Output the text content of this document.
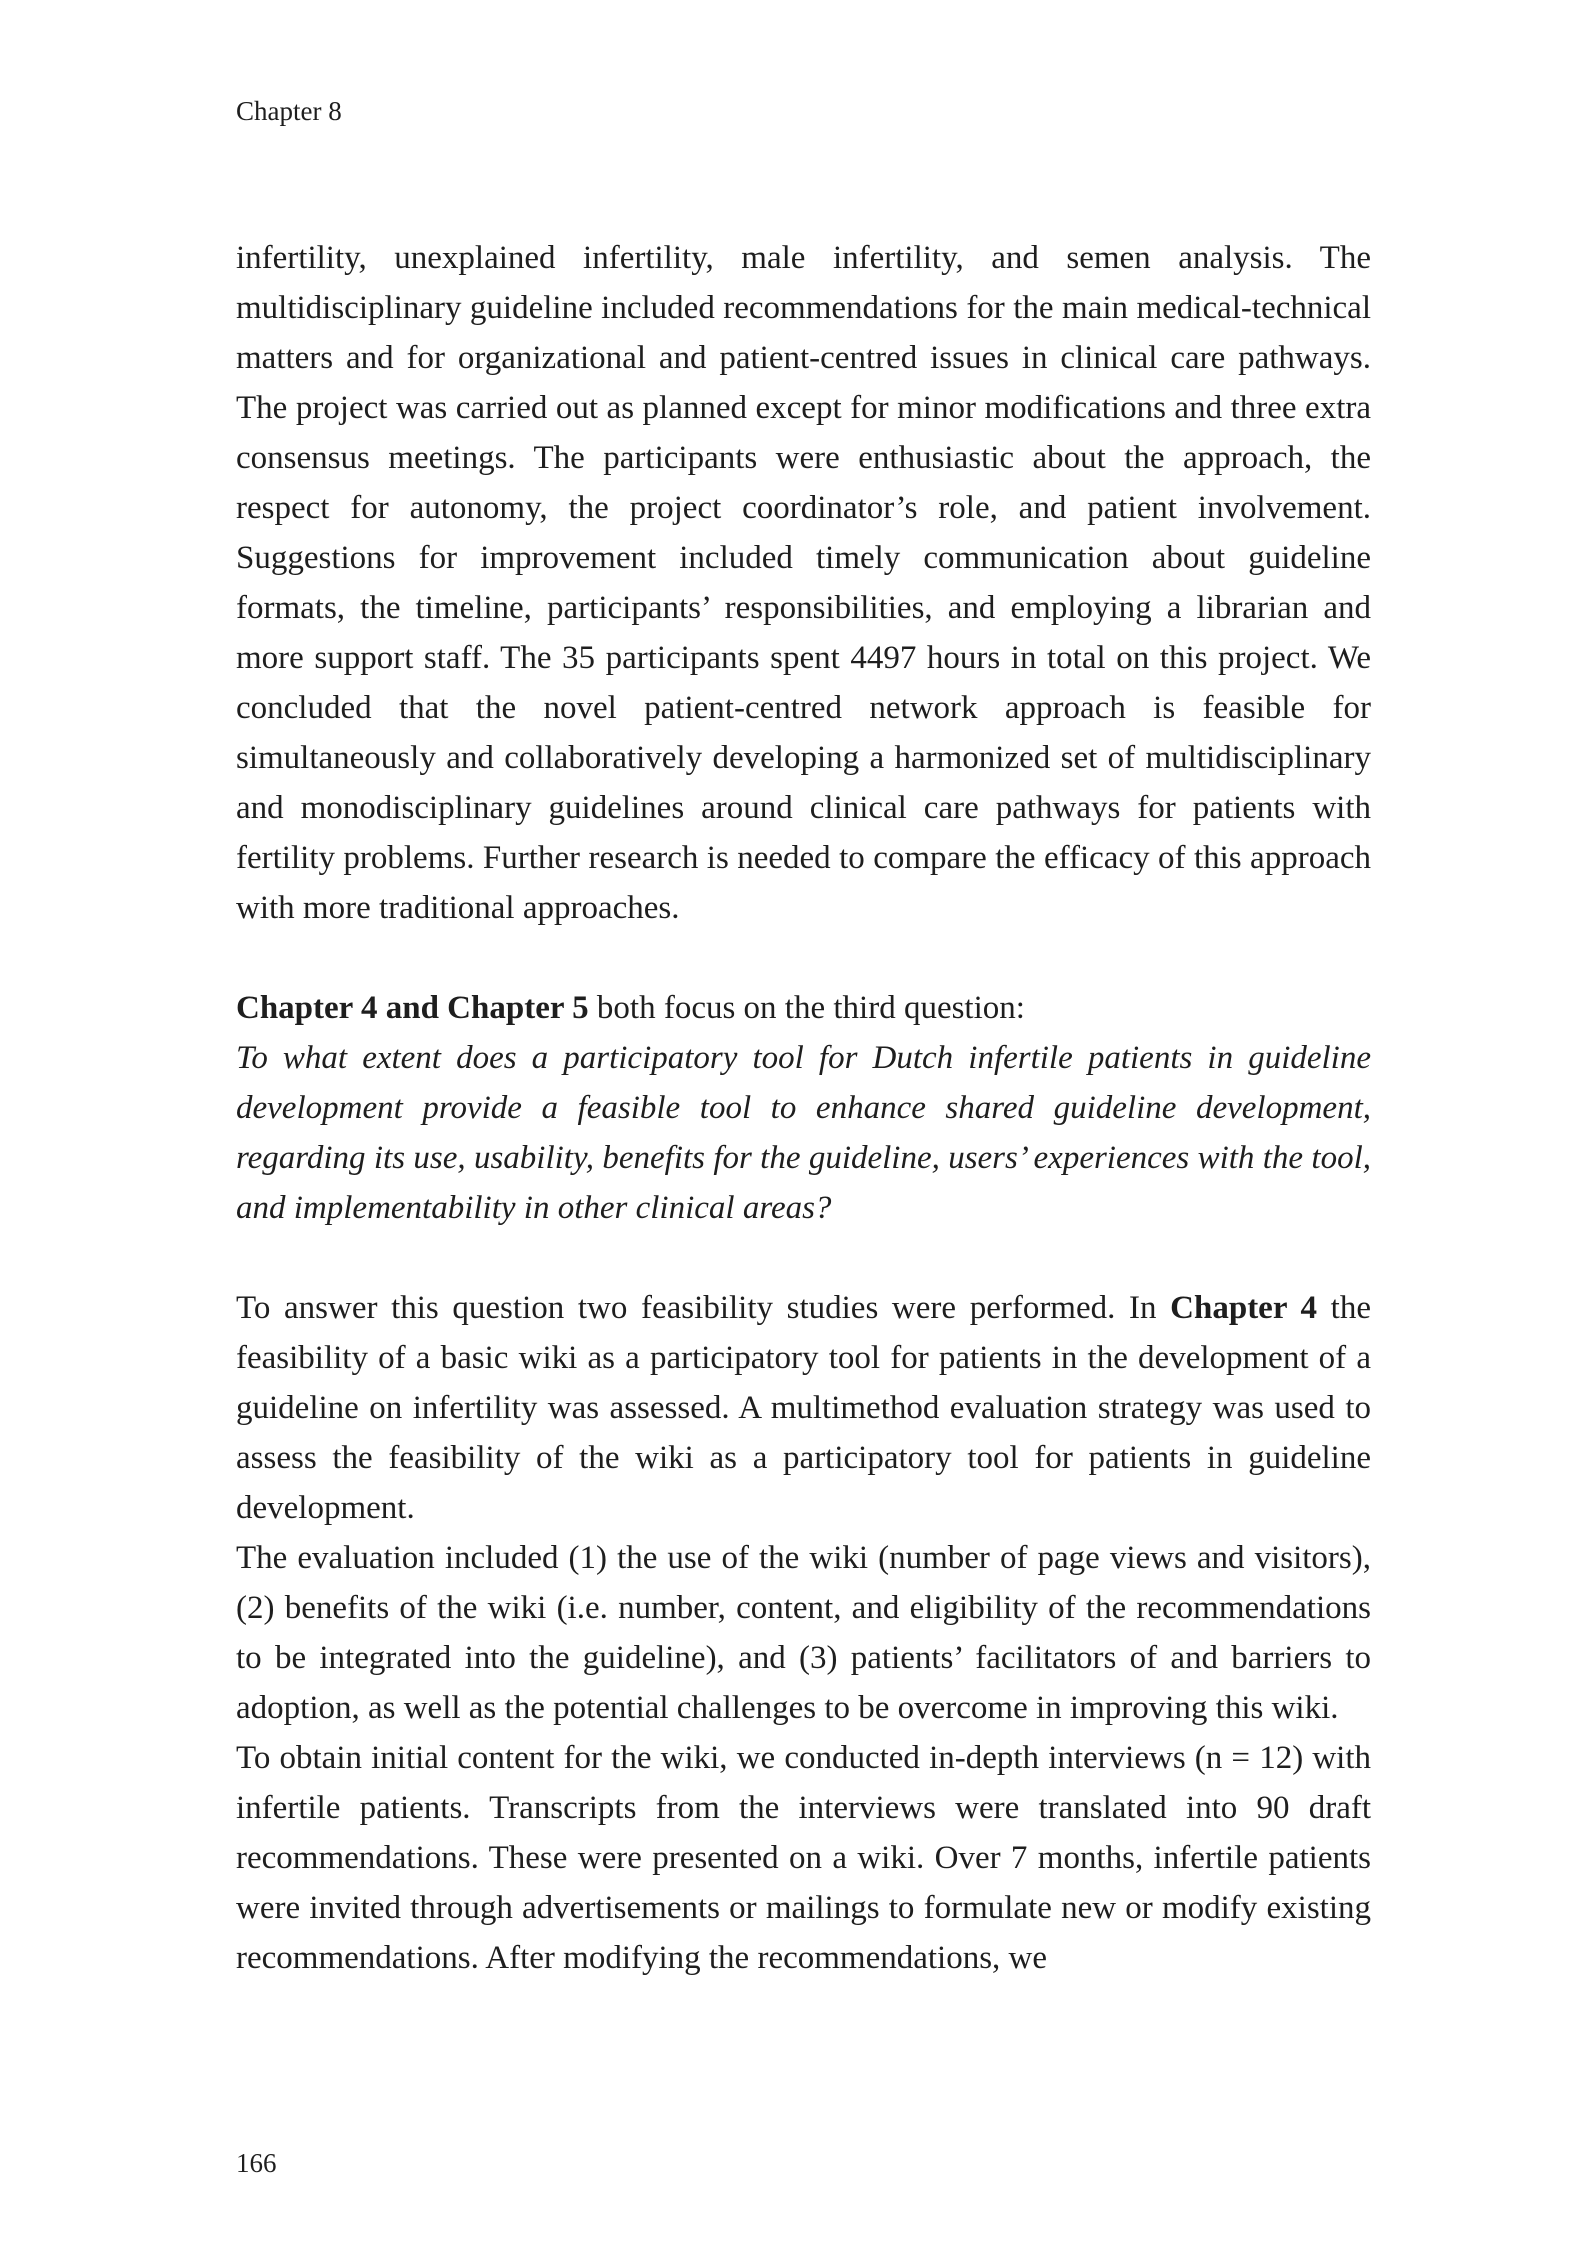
Chapter 8

infertility, unexplained infertility, male infertility, and semen analysis. The multidisciplinary guideline included recommendations for the main medical-technical matters and for organizational and patient-centred issues in clinical care pathways. The project was carried out as planned except for minor modifications and three extra consensus meetings. The participants were enthusiastic about the approach, the respect for autonomy, the project coordinator’s role, and patient involvement. Suggestions for improvement included timely communication about guideline formats, the timeline, participants’ responsibilities, and employing a librarian and more support staff. The 35 participants spent 4497 hours in total on this project. We concluded that the novel patient-centred network approach is feasible for simultaneously and collaboratively developing a harmonized set of multidisciplinary and monodisciplinary guidelines around clinical care pathways for patients with fertility problems. Further research is needed to compare the efficacy of this approach with more traditional approaches.

Chapter 4 and Chapter 5 both focus on the third question:

To what extent does a participatory tool for Dutch infertile patients in guideline development provide a feasible tool to enhance shared guideline development, regarding its use, usability, benefits for the guideline, users’ experiences with the tool, and implementability in other clinical areas?

To answer this question two feasibility studies were performed. In Chapter 4 the feasibility of a basic wiki as a participatory tool for patients in the development of a guideline on infertility was assessed. A multimethod evaluation strategy was used to assess the feasibility of the wiki as a participatory tool for patients in guideline development.

The evaluation included (1) the use of the wiki (number of page views and visitors), (2) benefits of the wiki (i.e. number, content, and eligibility of the recommendations to be integrated into the guideline), and (3) patients’ facilitators of and barriers to adoption, as well as the potential challenges to be overcome in improving this wiki.

To obtain initial content for the wiki, we conducted in-depth interviews (n = 12) with infertile patients. Transcripts from the interviews were translated into 90 draft recommendations. These were presented on a wiki. Over 7 months, infertile patients were invited through advertisements or mailings to formulate new or modify existing recommendations. After modifying the recommendations, we

166
